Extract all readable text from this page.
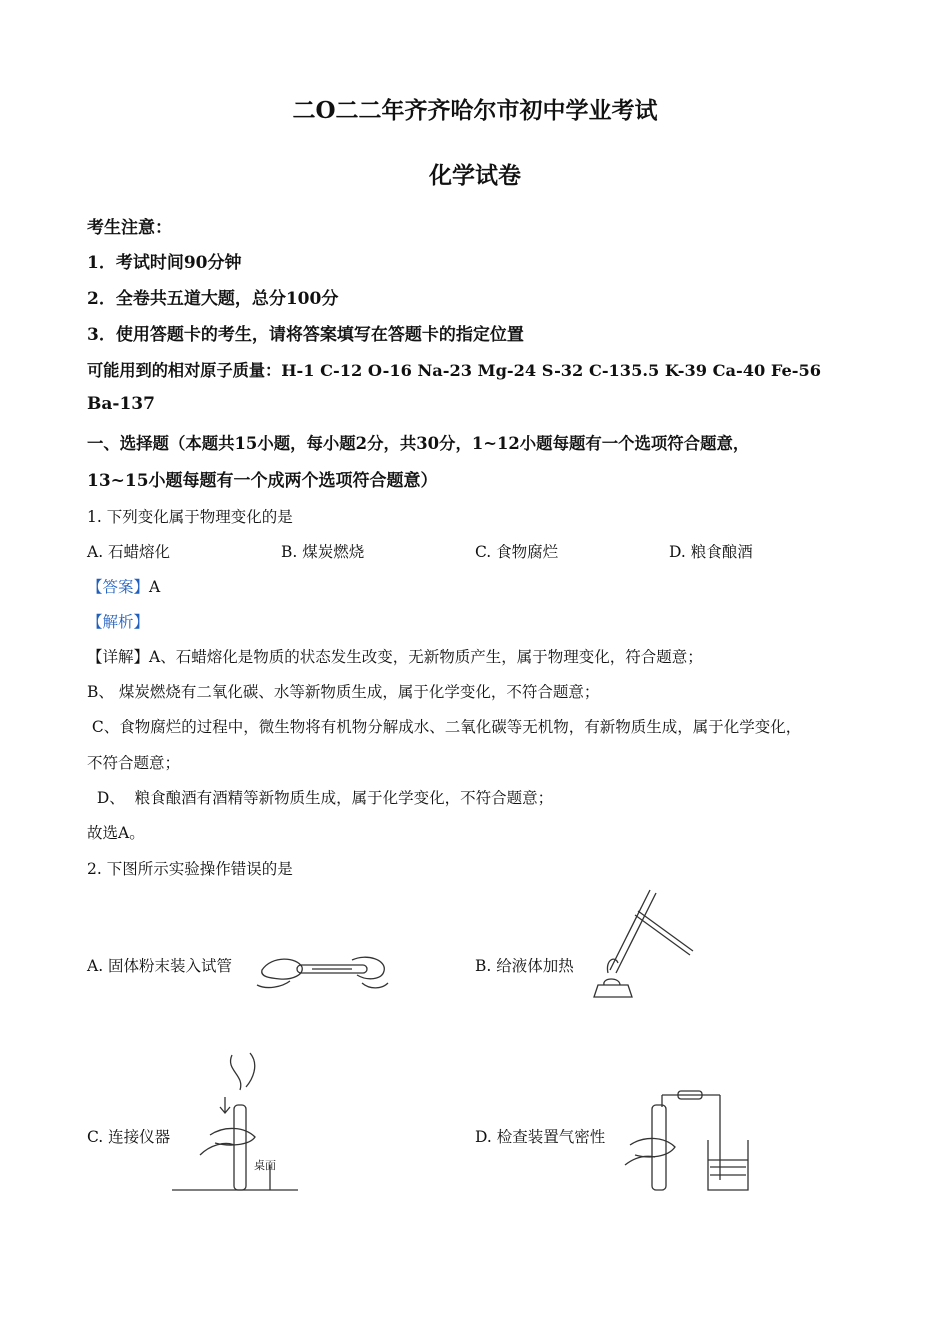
二O二二年齐齐哈尔市初中学业考试
化学试卷
考生注意：
1．考试时间90分钟
2．全卷共五道大题，总分100分
3．使用答题卡的考生，请将答案填写在答题卡的指定位置
可能用到的相对原子质量：H-1 C-12 O-16 Na-23 Mg-24 S-32 C-135.5 K-39 Ca-40 Fe-56
Ba-137
一、选择题（本题共15小题，每小题2分，共30分，1~12小题每题有一个选项符合题意，
13~15小题每题有一个成两个选项符合题意）
1. 下列变化属于物理变化的是
A. 石蜡熔化	B. 煤炭燃烧	C. 食物腐烂	D. 粮食酿酒
【答案】A
【解析】
【详解】A、石蜡熔化是物质的状态发生改变，无新物质产生，属于物理变化，符合题意；
B、 煤炭燃烧有二氧化碳、水等新物质生成，属于化学变化，不符合题意；
C、食物腐烂的过程中，微生物将有机物分解成水、二氧化碳等无机物，有新物质生成，属于化学变化，
不符合题意；
D、  粮食酿酒有酒精等新物质生成，属于化学变化，不符合题意；
故选A。
2. 下图所示实验操作错误的是
A. 固体粉末装入试管	B. 给液体加热
C. 连接仪器	D. 检查装置气密性
桌面
